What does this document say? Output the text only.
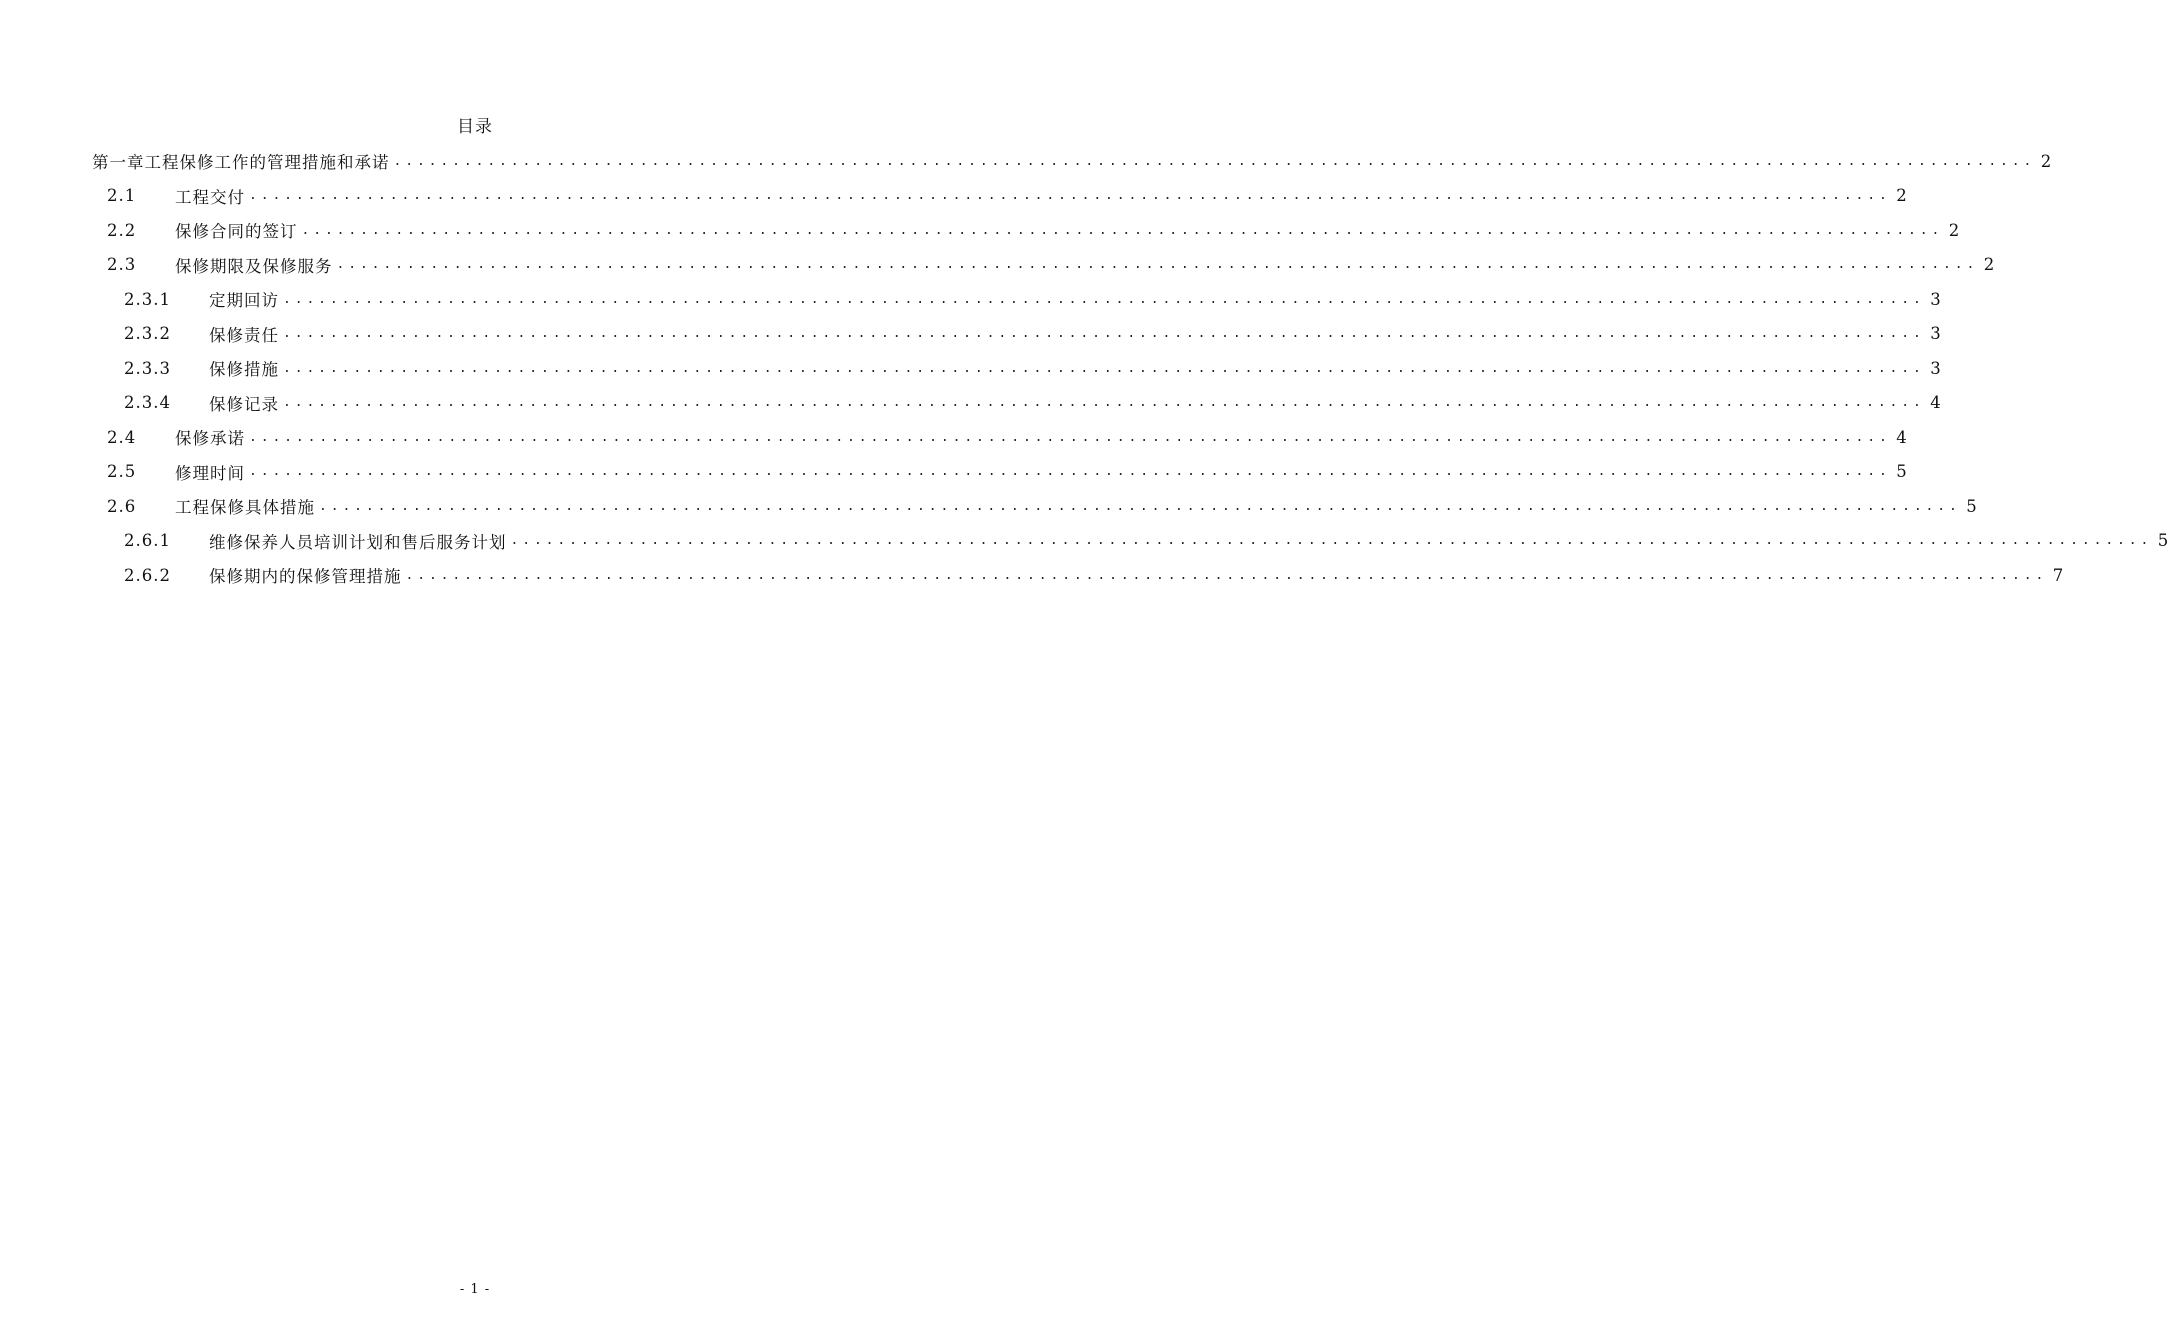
目录
第一章工程保修工作的管理措施和承诺 ............................................................................................................................................ 2
2.1	工程交付 ............................................................................................................................................ 2
2.2	保修合同的签订 ............................................................................................................................................ 2
2.3	保修期限及保修服务 ............................................................................................................................................ 2
2.3.1	定期回访 ............................................................................................................................................ 3
2.3.2	保修责任 ............................................................................................................................................ 3
2.3.3	保修措施 ............................................................................................................................................ 3
2.3.4	保修记录 ............................................................................................................................................ 4
2.4	保修承诺 ............................................................................................................................................ 4
2.5	修理时间 ............................................................................................................................................ 5
2.6	工程保修具体措施 ............................................................................................................................................ 5
2.6.1	维修保养人员培训计划和售后服务计划 ............................................................................................................................................ 5
2.6.2	保修期内的保修管理措施 ............................................................................................................................................ 7
- 1 -
